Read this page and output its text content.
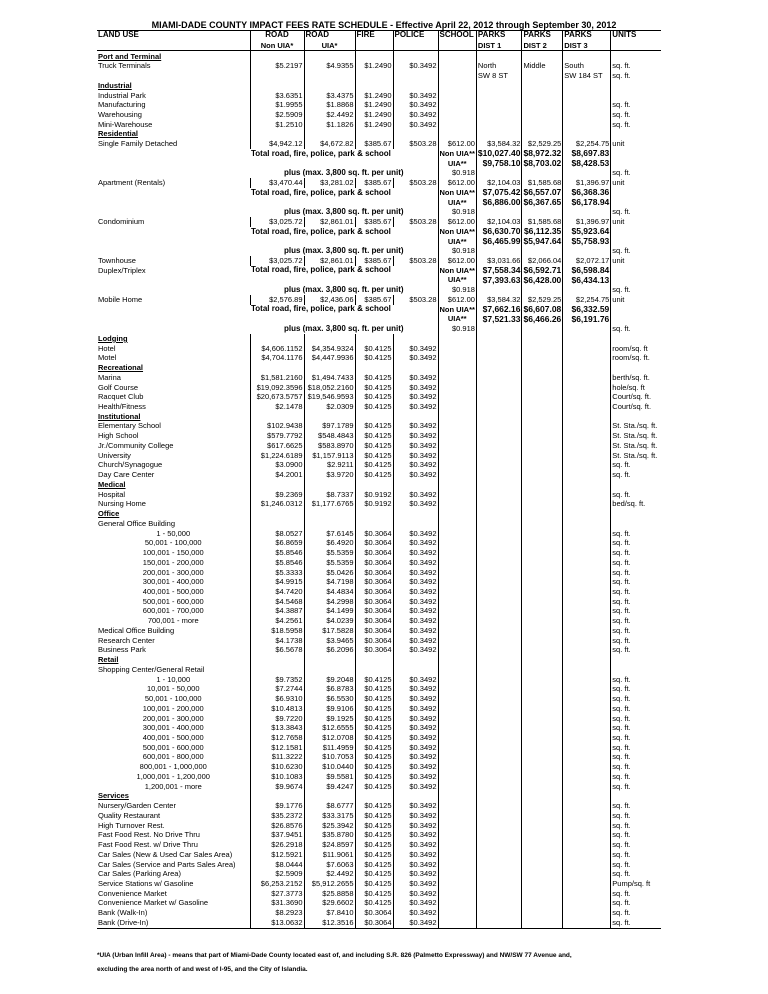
MIAMI-DADE COUNTY IMPACT FEES RATE SCHEDULE - Effective April 22, 2012 through September 30, 2012
LAND USE	ROAD	ROAD	FIRE	POLICE	SCHOOL	PARKS	PARKS	PARKS	UNITS
	Non UIA*	UIA*				DIST 1	DIST 2	DIST 3	
Port and Terminal									
Truck Terminals	$5.2197	$4.9355	$1.2490	$0.3492		North	Middle	South	sq. ft.
						SW 8 ST		SW 184 ST	sq. ft.
Industrial									
Industrial Park	$3.6351	$3.4375	$1.2490	$0.3492					
Manufacturing	$1.9955	$1.8868	$1.2490	$0.3492					sq. ft.
Warehousing	$2.5909	$2.4492	$1.2490	$0.3492					sq. ft.
Mini-Warehouse	$1.2510	$1.1826	$1.2490	$0.3492					sq. ft.
Residential									
Single Family Detached	$4,942.12	$4,672.82	$385.67	$503.28	$612.00	$3,584.32	$2,529.25	$2,254.75	unit
	Total road, fire, police, park & school				Non UIA**	$10,027.40	$8,972.32	$8,697.83	
					UIA**	$9,758.10	$8,703.02	$8,428.53	
	plus (max. 3,800 sq. ft. per unit)				$0.918				sq. ft.
Apartment (Rentals)	$3,470.44	$3,281.02	$385.67	$503.28	$612.00	$2,104.03	$1,585.68	$1,396.97	unit
	Total road, fire, police, park & school				Non UIA**	$7,075.42	$6,557.07	$6,368.36	
					UIA**	$6,886.00	$6,367.65	$6,178.94	
	plus (max. 3,800 sq. ft. per unit)				$0.918				sq. ft.
Condominium	$3,025.72	$2,861.01	$385.67	$503.28	$612.00	$2,104.03	$1,585.68	$1,396.97	unit
	Total road, fire, police, park & school				Non UIA**	$6,630.70	$6,112.35	$5,923.64	
					UIA**	$6,465.99	$5,947.64	$5,758.93	
	plus (max. 3,800 sq. ft. per unit)				$0.918				sq. ft.
Townhouse	$3,025.72	$2,861.01	$385.67	$503.28	$612.00	$3,031.66	$2,066.04	$2,072.17	unit
Duplex/Triplex	Total road, fire, police, park & school				Non UIA**	$7,558.34	$6,592.71	$6,598.84	
					UIA**	$7,393.63	$6,428.00	$6,434.13	
	plus (max. 3,800 sq. ft. per unit)				$0.918				sq. ft.
Mobile Home	$2,576.89	$2,436.06	$385.67	$503.28	$612.00	$3,584.32	$2,529.25	$2,254.75	unit
	Total road, fire, police, park & school				Non UIA**	$7,662.16	$6,607.08	$6,332.59	
					UIA**	$7,521.33	$6,466.26	$6,191.76	
	plus (max. 3,800 sq. ft. per unit)				$0.918				sq. ft.
Lodging									
Hotel	$4,606.1152	$4,354.9324	$0.4125	$0.3492					room/sq. ft
Motel	$4,704.1176	$4,447.9936	$0.4125	$0.3492					room/sq. ft.
Recreational									
Marina	$1,581.2160	$1,494.7433	$0.4125	$0.3492					berth/sq. ft.
Golf Course	$19,092.3596	$18,052.2160	$0.4125	$0.3492					hole/sq. ft
Racquet Club	$20,673.5757	$19,546.9593	$0.4125	$0.3492					Court/sq. ft.
Health/Fitness	$2.1478	$2.0309	$0.4125	$0.3492					Court/sq. ft.
Institutional									
Elementary School	$102.9438	$97.1789	$0.4125	$0.3492					St. Sta./sq. ft.
High School	$579.7792	$548.4843	$0.4125	$0.3492					St. Sta./sq. ft.
Jr./Community College	$617.6625	$583.8970	$0.4125	$0.3492					St. Sta./sq. ft.
University	$1,224.6189	$1,157.9113	$0.4125	$0.3492					St. Sta./sq. ft.
Church/Synagogue	$3.0900	$2.9211	$0.4125	$0.3492					sq. ft.
Day Care Center	$4.2001	$3.9720	$0.4125	$0.3492					sq. ft.
Medical									
Hospital	$9.2369	$8.7337	$0.9192	$0.3492					sq. ft.
Nursing Home	$1,246.0312	$1,177.6765	$0.9192	$0.3492					bed/sq. ft.
Office									
General Office Building									
1 - 50,000	$8.0527	$7.6145	$0.3064	$0.3492					sq. ft.
50,001 - 100,000	$6.8659	$6.4920	$0.3064	$0.3492					sq. ft.
100,001 - 150,000	$5.8546	$5.5359	$0.3064	$0.3492					sq. ft.
150,001 - 200,000	$5.8546	$5.5359	$0.3064	$0.3492					sq. ft.
200,001 - 300,000	$5.3333	$5.0426	$0.3064	$0.3492					sq. ft.
300,001 - 400,000	$4.9915	$4.7198	$0.3064	$0.3492					sq. ft.
400,001 - 500,000	$4.7420	$4.4834	$0.3064	$0.3492					sq. ft.
500,001 - 600,000	$4.5468	$4.2998	$0.3064	$0.3492					sq. ft.
600,001 - 700,000	$4.3887	$4.1499	$0.3064	$0.3492					sq. ft.
700,001 - more	$4.2561	$4.0239	$0.3064	$0.3492					sq. ft.
Medical Office Building	$18.5958	$17.5828	$0.3064	$0.3492					sq. ft.
Research Center	$4.1738	$3.9465	$0.3064	$0.3492					sq. ft.
Business Park	$6.5678	$6.2096	$0.3064	$0.3492					sq. ft.
Retail									
Shopping Center/General Retail									
1 - 10,000	$9.7352	$9.2048	$0.4125	$0.3492					sq. ft.
10,001 - 50,000	$7.2744	$6.8783	$0.4125	$0.3492					sq. ft.
50,001 - 100,000	$6.9310	$6.5530	$0.4125	$0.3492					sq. ft.
100,001 - 200,000	$10.4813	$9.9106	$0.4125	$0.3492					sq. ft.
200,001 - 300,000	$9.7220	$9.1925	$0.4125	$0.3492					sq. ft.
300,001 - 400,000	$13.3843	$12.6555	$0.4125	$0.3492					sq. ft.
400,001 - 500,000	$12.7658	$12.0708	$0.4125	$0.3492					sq. ft.
500,001 - 600,000	$12.1581	$11.4959	$0.4125	$0.3492					sq. ft.
600,001 - 800,000	$11.3222	$10.7053	$0.4125	$0.3492					sq. ft.
800,001 - 1,000,000	$10.6230	$10.0440	$0.4125	$0.3492					sq. ft.
1,000,001 - 1,200,000	$10.1083	$9.5581	$0.4125	$0.3492					sq. ft.
1,200,001 - more	$9.9674	$9.4247	$0.4125	$0.3492					sq. ft.
Services									
Nursery/Garden Center	$9.1776	$8.6777	$0.4125	$0.3492					sq. ft.
Quality Restaurant	$35.2372	$33.3175	$0.4125	$0.3492					sq. ft.
High Turnover Rest.	$26.8576	$25.3942	$0.4125	$0.3492					sq. ft.
Fast Food Rest. No Drive Thru	$37.9451	$35.8780	$0.4125	$0.3492					sq. ft.
Fast Food Rest. w/ Drive Thru	$26.2918	$24.8597	$0.4125	$0.3492					sq. ft.
Car Sales (New & Used Car Sales Area)	$12.5921	$11.9061	$0.4125	$0.3492					sq. ft.
Car Sales (Service and Parts Sales Area)	$8.0444	$7.6063	$0.4125	$0.3492					sq. ft.
Car Sales (Parking Area)	$2.5909	$2.4492	$0.4125	$0.3492					sq. ft.
Service Stations w/ Gasoline	$6,253.2152	$5,912.2655	$0.4125	$0.3492					Pump/sq. ft
Convenience Market	$27.3773	$25.8858	$0.4125	$0.3492					sq. ft.
Convenience Market w/ Gasoline	$31.3690	$29.6602	$0.4125	$0.3492					sq. ft.
Bank (Walk-In)	$8.2923	$7.8410	$0.3064	$0.3492					sq. ft.
Bank (Drive-In)	$13.0632	$12.3516	$0.3064	$0.3492					sq. ft.
*UIA (Urban Infill Area) - means that part of Miami-Dade County located east of, and including S.R. 826 (Palmetto Expressway) and NW/SW 77 Avenue and,
excluding the area north of and west of I-95, and the City of Islandia.
